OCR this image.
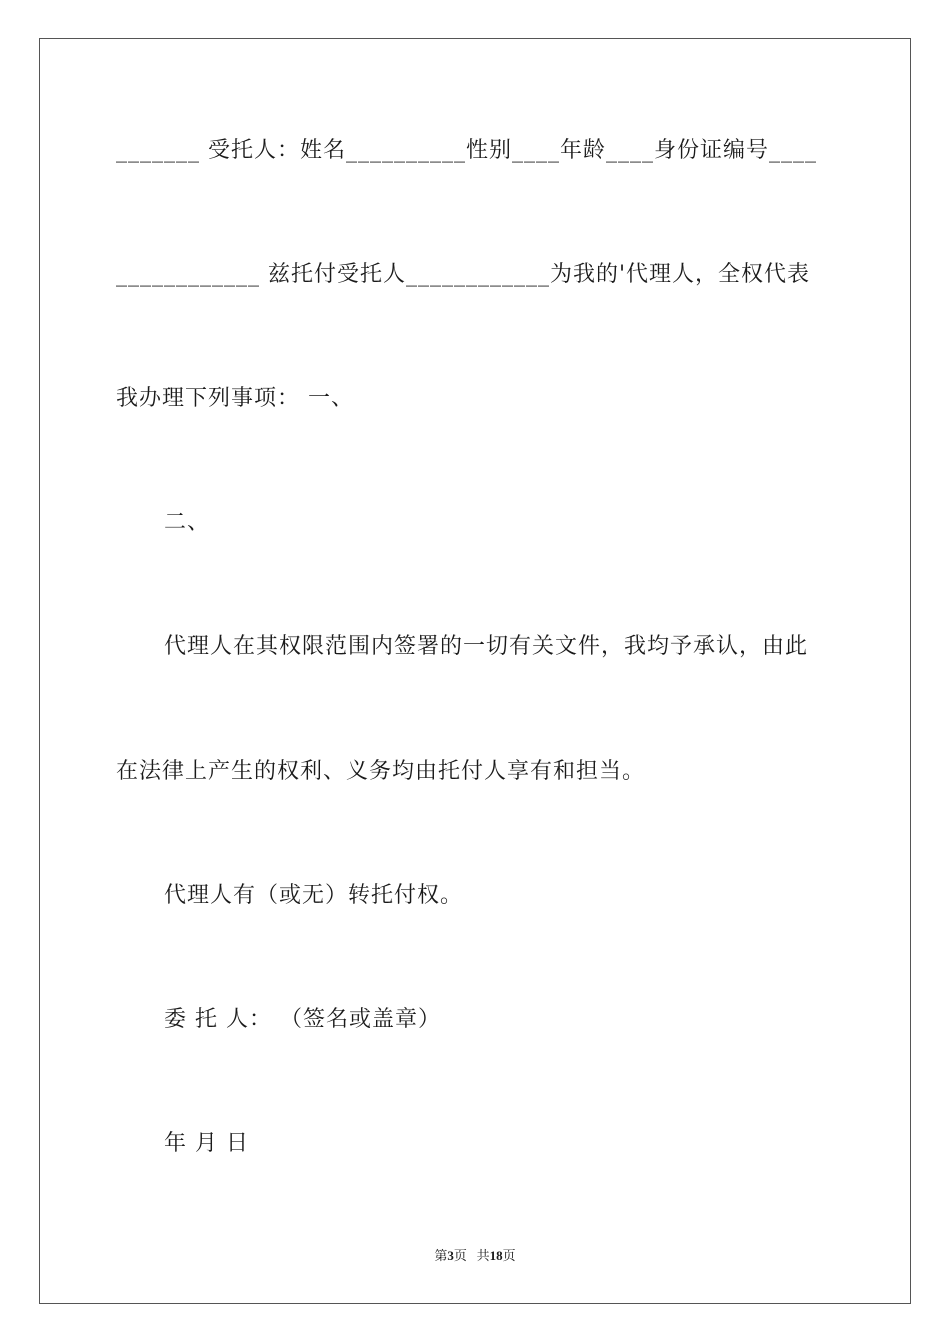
_______ 受托人：姓名__________性别____年龄____身份证编号____
____________ 兹托付受托人____________为我的'代理人，全权代表
我办理下列事项： 一、
二、
代理人在其权限范围内签署的一切有关文件，我均予承认，由此
在法律上产生的权利、义务均由托付人享有和担当。
代理人有（或无）转托付权。
委 托 人： （签名或盖章）
年 月 日
第3页 共18页
